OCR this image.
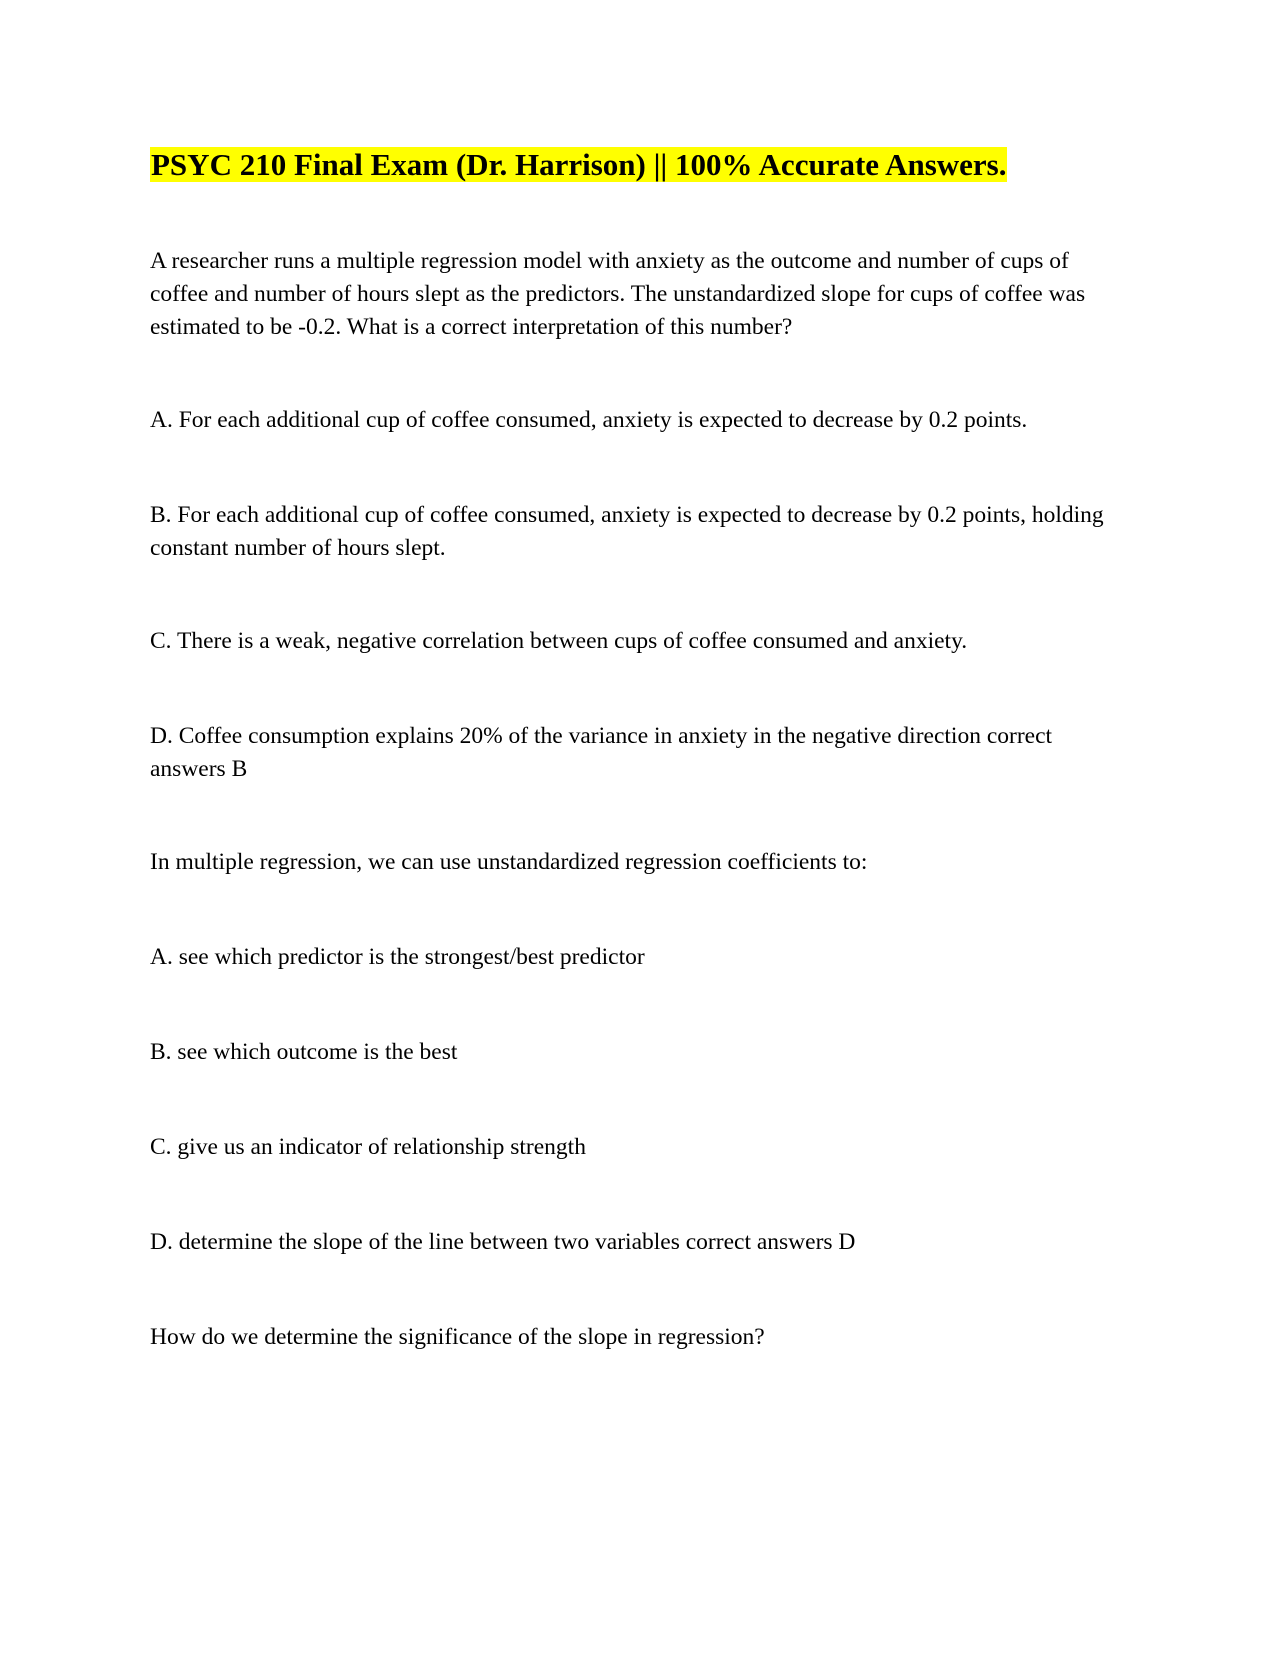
PSYC 210 Final Exam (Dr. Harrison) || 100% Accurate Answers.

A researcher runs a multiple regression model with anxiety as the outcome and number of cups of coffee and number of hours slept as the predictors. The unstandardized slope for cups of coffee was estimated to be -0.2. What is a correct interpretation of this number?

A. For each additional cup of coffee consumed, anxiety is expected to decrease by 0.2 points.

B. For each additional cup of coffee consumed, anxiety is expected to decrease by 0.2 points, holding constant number of hours slept.

C. There is a weak, negative correlation between cups of coffee consumed and anxiety.

D. Coffee consumption explains 20% of the variance in anxiety in the negative direction correct answers B

In multiple regression, we can use unstandardized regression coefficients to:

A. see which predictor is the strongest/best predictor

B. see which outcome is the best

C. give us an indicator of relationship strength

D. determine the slope of the line between two variables correct answers D

How do we determine the significance of the slope in regression?
